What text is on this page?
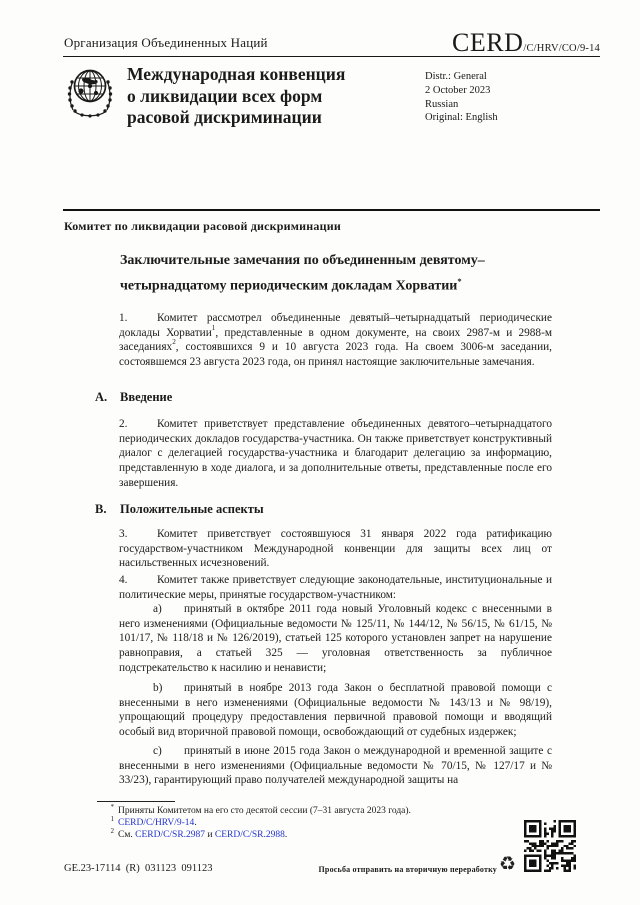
Организация Объединенных Наций	CERD/C/HRV/CO/9-14
Международная конвенция
о ликвидации всех форм
расовой дискриминации
Distr.: General
2 October 2023
Russian
Original: English
Комитет по ликвидации расовой дискриминации
Заключительные замечания по объединенным девятому–четырнадцатому периодическим докладам Хорватии*
1.	Комитет рассмотрел объединенные девятый–четырнадцатый периодические доклады Хорватии$^1$, представленные в одном документе, на своих 2987-м и 2988-м заседаниях$^2$, состоявшихся 9 и 10 августа 2023 года. На своем 3006-м заседании, состоявшемся 23 августа 2023 года, он принял настоящие заключительные замечания.
A. Введение
2.	Комитет приветствует представление объединенных девятого–четырнадцатого периодических докладов государства-участника. Он также приветствует конструктивный диалог с делегацией государства-участника и благодарит делегацию за информацию, представленную в ходе диалога, и за дополнительные ответы, представленные после его завершения.
B. Положительные аспекты
3.	Комитет приветствует состоявшуюся 31 января 2022 года ратификацию государством-участником Международной конвенции для защиты всех лиц от насильственных исчезновений.
4.	Комитет также приветствует следующие законодательные, институциональные и политические меры, принятые государством-участником:
a) принятый в октябре 2011 года новый Уголовный кодекс с внесенными в него изменениями (Официальные ведомости № 125/11, № 144/12, № 56/15, № 61/15, № 101/17, № 118/18 и № 126/2019), статьей 125 которого установлен запрет на нарушение равноправия, а статьей 325 — уголовная ответственность за публичное подстрекательство к насилию и ненависти;
b) принятый в ноябре 2013 года Закон о бесплатной правовой помощи с внесенными в него изменениями (Официальные ведомости № 143/13 и № 98/19), упрощающий процедуру предоставления первичной правовой помощи и вводящий особый вид вторичной правовой помощи, освобождающий от судебных издержек;
c) принятый в июне 2015 года Закон о международной и временной защите с внесенными в него изменениями (Официальные ведомости № 70/15, № 127/17 и № 33/23), гарантирующий право получателей международной защиты на
* Приняты Комитетом на его сто десятой сессии (7–31 августа 2023 года).
$^1$ CERD/C/HRV/9-14.
$^2$ См. CERD/C/SR.2987 и CERD/C/SR.2988.
GE.23-17114  (R)  031123  091123	Просьба отправить на вторичную переработку ♻
